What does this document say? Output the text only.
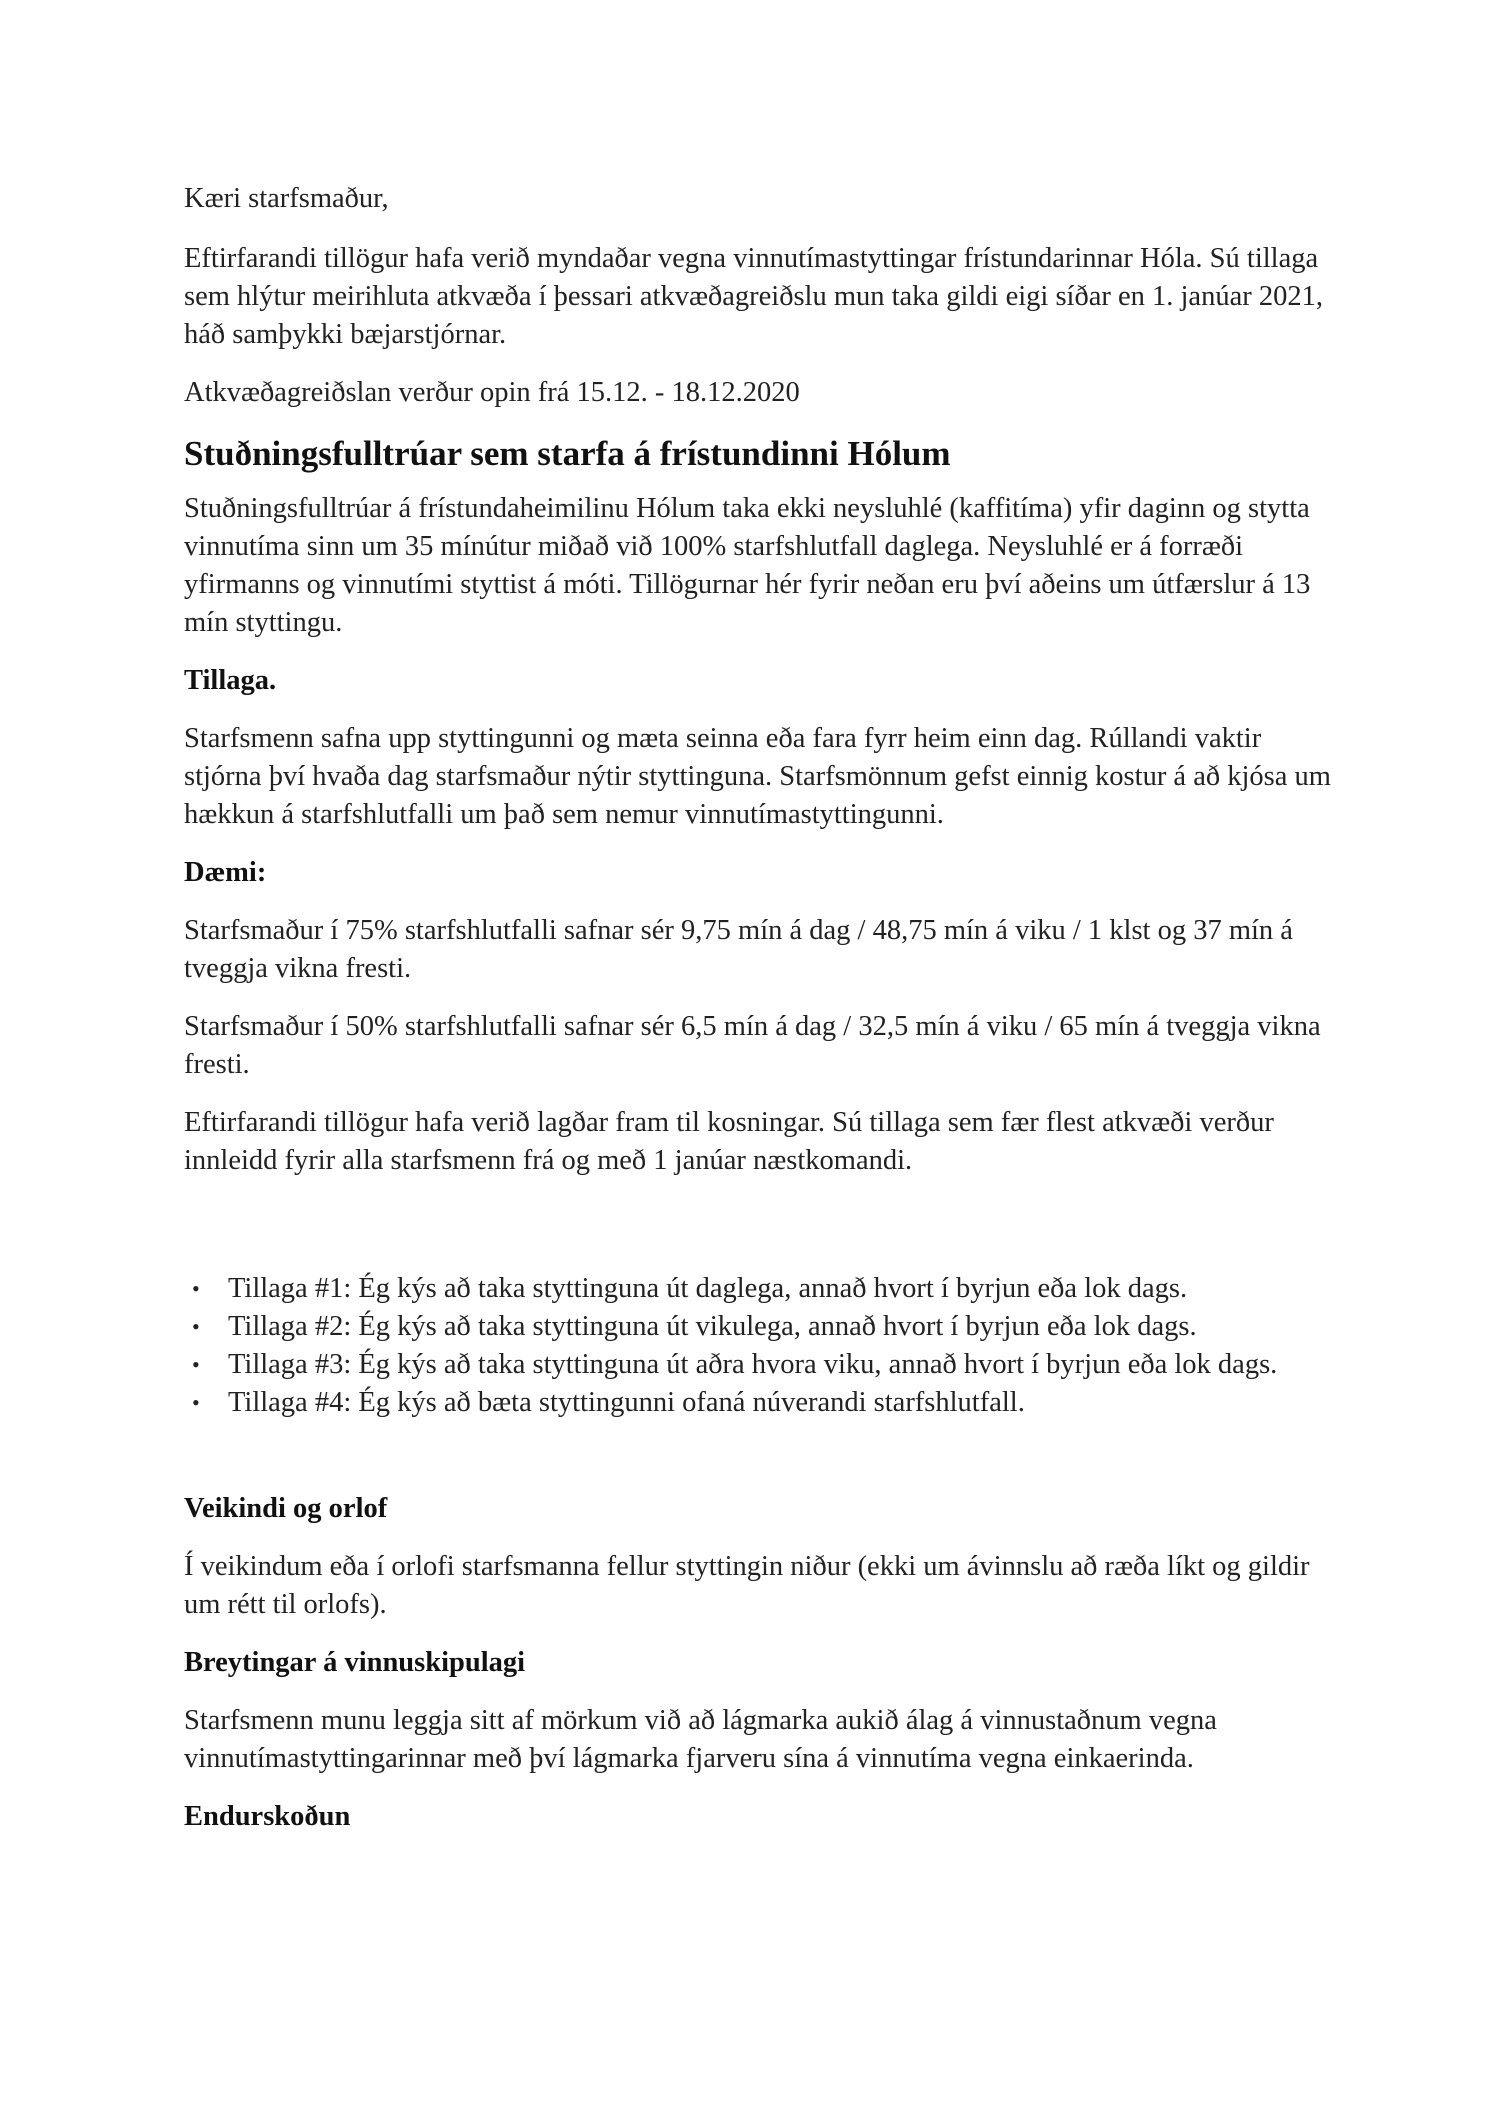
Kæri starfsmaður,

Eftirfarandi tillögur hafa verið myndaðar vegna vinnutímastyttingar frístundarinnar Hóla. Sú tillaga sem hlýtur meirihluta atkvæða í þessari atkvæðagreiðslu mun taka gildi eigi síðar en 1. janúar 2021, háð samþykki bæjarstjórnar.

Atkvæðagreiðslan verður opin frá 15.12. - 18.12.2020

Stuðningsfulltrúar sem starfa á frístundinni Hólum

Stuðningsfulltrúar á frístundaheimilinu Hólum taka ekki neysluhlé (kaffitíma) yfir daginn og stytta vinnutíma sinn um 35 mínútur miðað við 100% starfshlutfall daglega. Neysluhlé er á forræði yfirmanns og vinnutími styttist á móti. Tillögurnar hér fyrir neðan eru því aðeins um útfærslur á 13 mín styttingu.

Tillaga.

Starfsmenn safna upp styttingunni og mæta seinna eða fara fyrr heim einn dag. Rúllandi vaktir stjórna því hvaða dag starfsmaður nýtir styttinguna. Starfsmönnum gefst einnig kostur á að kjósa um hækkun á starfshlutfalli um það sem nemur vinnutímastyttingunni.

Dæmi:

Starfsmaður í 75% starfshlutfalli safnar sér 9,75 mín á dag / 48,75 mín á viku / 1 klst og 37 mín á tveggja vikna fresti.

Starfsmaður í 50% starfshlutfalli safnar sér 6,5 mín á dag / 32,5 mín á viku / 65 mín á tveggja vikna fresti.

Eftirfarandi tillögur hafa verið lagðar fram til kosningar. Sú tillaga sem fær flest atkvæði verður innleidd fyrir alla starfsmenn frá og með 1 janúar næstkomandi.

• Tillaga #1: Ég kýs að taka styttinguna út daglega, annað hvort í byrjun eða lok dags.
• Tillaga #2: Ég kýs að taka styttinguna út vikulega, annað hvort í byrjun eða lok dags.
• Tillaga #3: Ég kýs að taka styttinguna út aðra hvora viku, annað hvort í byrjun eða lok dags.
• Tillaga #4: Ég kýs að bæta styttingunni ofaná núverandi starfshlutfall.
Veikindi og orlof

Í veikindum eða í orlofi starfsmanna fellur styttingin niður (ekki um ávinnslu að ræða líkt og gildir um rétt til orlofs).

Breytingar á vinnuskipulagi

Starfsmenn munu leggja sitt af mörkum við að lágmarka aukið álag á vinnustaðnum vegna vinnutímastyttingarinnar með því lágmarka fjarveru sína á vinnutíma vegna einkaerinda.

Endurskoðun
